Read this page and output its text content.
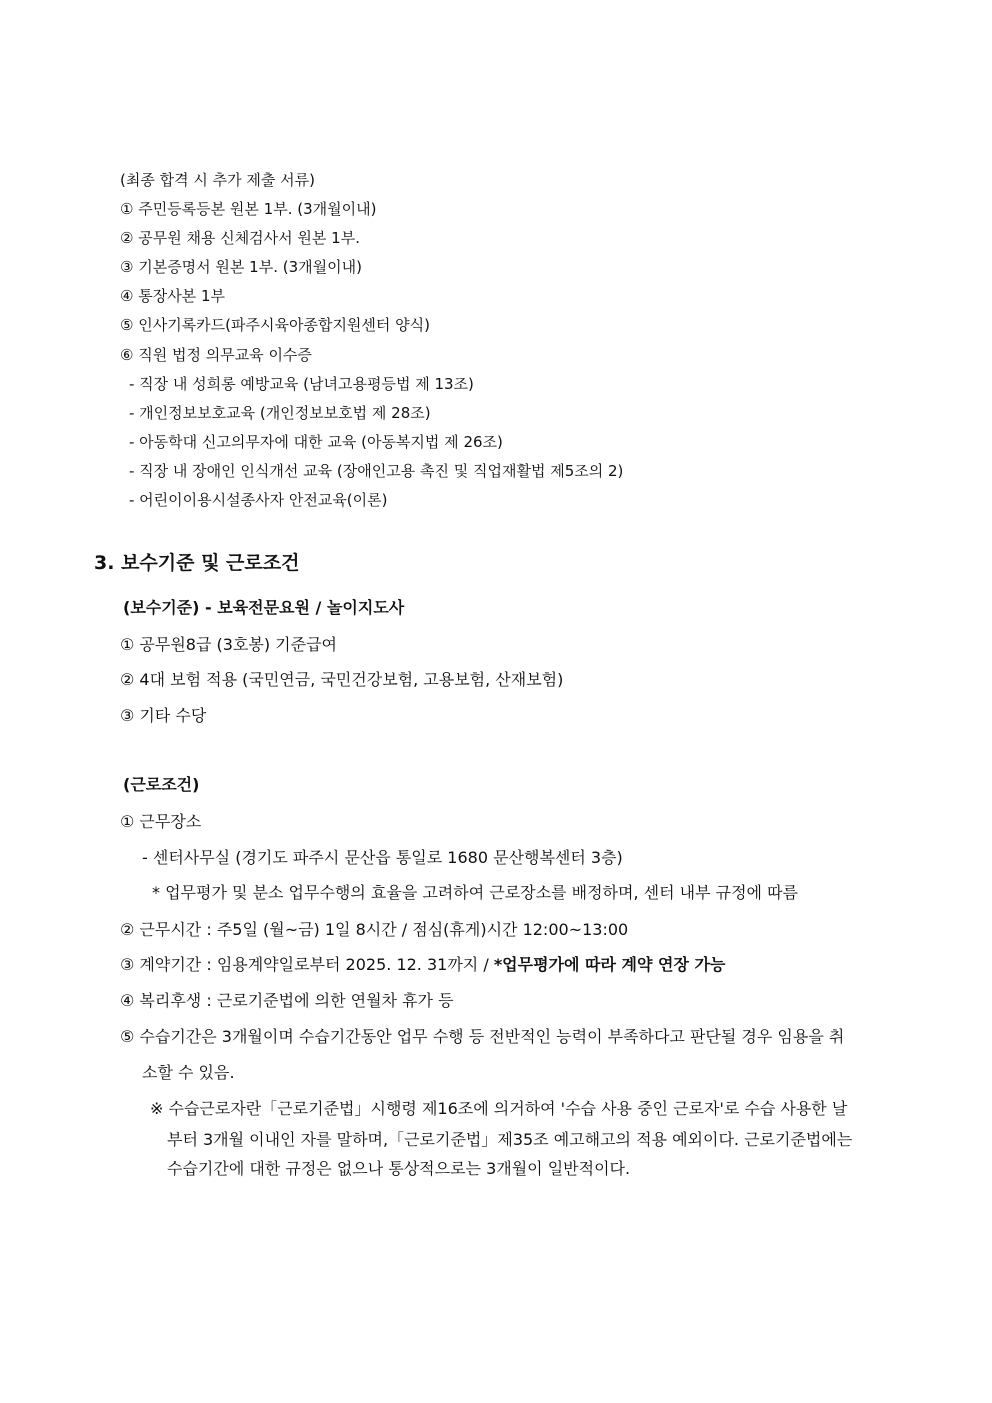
(최종 합격 시 추가 제출 서류)
① 주민등록등본 원본 1부. (3개월이내)
② 공무원 채용 신체검사서 원본 1부.
③ 기본증명서 원본 1부. (3개월이내)
④ 통장사본 1부
⑤ 인사기록카드(파주시육아종합지원센터 양식)
⑥ 직원 법정 의무교육 이수증
- 직장 내 성희롱 예방교육 (남녀고용평등법 제 13조)
- 개인정보보호교육 (개인정보보호법 제 28조)
- 아동학대 신고의무자에 대한 교육 (아동복지법 제 26조)
- 직장 내 장애인 인식개선 교육 (장애인고용 촉진 및 직업재활법 제5조의 2)
- 어린이이용시설종사자 안전교육(이론)
3. 보수기준 및 근로조건
(보수기준) - 보육전문요원 / 놀이지도사
① 공무원8급 (3호봉) 기준급여
② 4대 보험 적용 (국민연금, 국민건강보험, 고용보험, 산재보험)
③ 기타 수당
(근로조건)
① 근무장소
- 센터사무실 (경기도 파주시 문산읍 통일로 1680 문산행복센터 3층)
* 업무평가 및 분소 업무수행의 효율을 고려하여 근로장소를 배정하며, 센터 내부 규정에 따름
② 근무시간 : 주5일 (월~금) 1일 8시간 / 점심(휴게)시간 12:00~13:00
③ 계약기간 : 임용계약일로부터 2025. 12. 31까지 / *업무평가에 따라 계약 연장 가능
④ 복리후생 : 근로기준법에 의한 연월차 휴가 등
⑤ 수습기간은 3개월이며 수습기간동안 업무 수행 등 전반적인 능력이 부족하다고 판단될 경우 임용을 취
소할 수 있음.
※ 수습근로자란「근로기준법」시행령 제16조에 의거하여 '수습 사용 중인 근로자'로 수습 사용한 날
부터 3개월 이내인 자를 말하며,「근로기준법」제35조 예고해고의 적용 예외이다. 근로기준법에는
수습기간에 대한 규정은 없으나 통상적으로는 3개월이 일반적이다.
